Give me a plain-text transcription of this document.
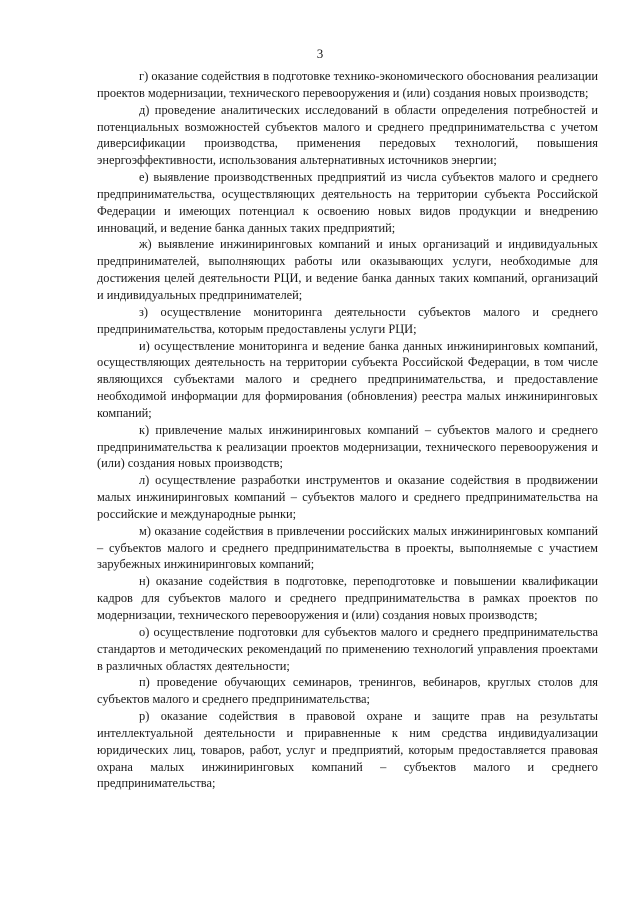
3

г) оказание содействия в подготовке технико-экономического обоснования реализации проектов модернизации, технического перевооружения и (или) создания новых производств;

д) проведение аналитических исследований в области определения потребностей и потенциальных возможностей субъектов малого и среднего предпринимательства с учетом диверсификации производства, применения передовых технологий, повышения энергоэффективности, использования альтернативных источников энергии;

е) выявление производственных предприятий из числа субъектов малого и среднего предпринимательства, осуществляющих деятельность на территории субъекта Российской Федерации и имеющих потенциал к освоению новых видов продукции и внедрению инноваций, и ведение банка данных таких предприятий;

ж) выявление инжиниринговых компаний и иных организаций и индивидуальных предпринимателей, выполняющих работы или оказывающих услуги, необходимые для достижения целей деятельности РЦИ, и ведение банка данных таких компаний, организаций и индивидуальных предпринимателей;

з) осуществление мониторинга деятельности субъектов малого и среднего предпринимательства, которым предоставлены услуги РЦИ;

и) осуществление мониторинга и ведение банка данных инжиниринговых компаний, осуществляющих деятельность на территории субъекта Российской Федерации, в том числе являющихся субъектами малого и среднего предпринимательства, и предоставление необходимой информации для формирования (обновления) реестра малых инжиниринговых компаний;

к) привлечение малых инжиниринговых компаний – субъектов малого и среднего предпринимательства к реализации проектов модернизации, технического перевооружения и (или) создания новых производств;

л) осуществление разработки инструментов и оказание содействия в продвижении малых инжиниринговых компаний – субъектов малого и среднего предпринимательства на российские и международные рынки;

м) оказание содействия в привлечении российских малых инжиниринговых компаний – субъектов малого и среднего предпринимательства в проекты, выполняемые с участием зарубежных инжиниринговых компаний;

н) оказание содействия в подготовке, переподготовке и повышении квалификации кадров для субъектов малого и среднего предпринимательства в рамках проектов по модернизации, технического перевооружения и (или) создания новых производств;

о) осуществление подготовки для субъектов малого и среднего предпринимательства стандартов и методических рекомендаций по применению технологий управления проектами в различных областях деятельности;

п) проведение обучающих семинаров, тренингов, вебинаров, круглых столов для субъектов малого и среднего предпринимательства;

р) оказание содействия в правовой охране и защите прав на результаты интеллектуальной деятельности и приравненные к ним средства индивидуализации юридических лиц, товаров, работ, услуг и предприятий, которым предоставляется правовая охрана малых инжиниринговых компаний – субъектов малого и среднего предпринимательства;
